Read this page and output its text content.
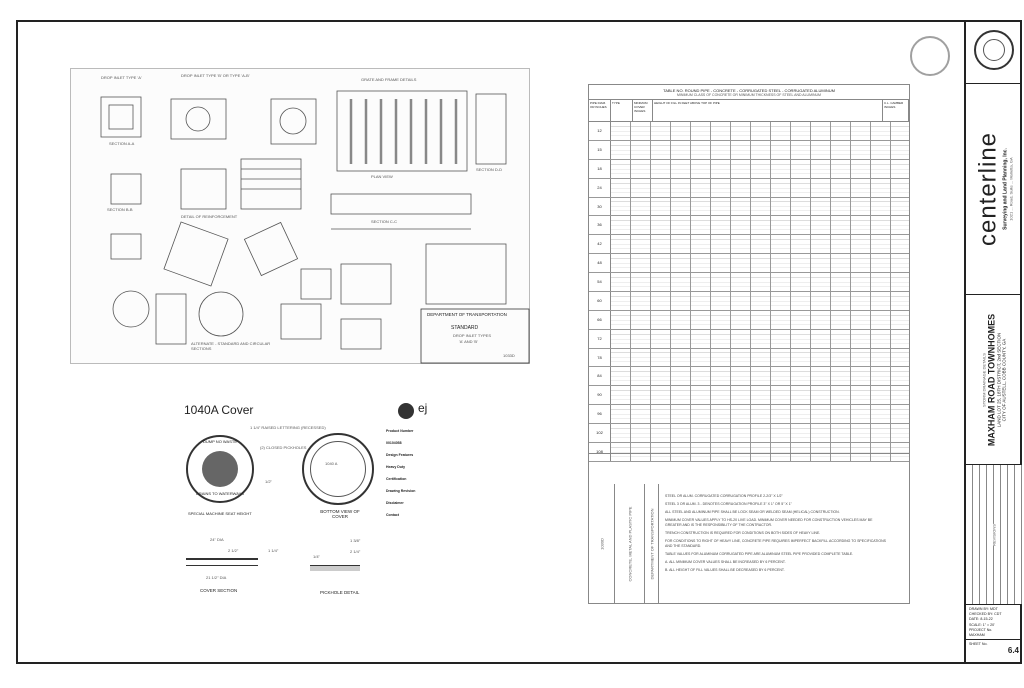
centerline Surveying and Land Planning, Inc. 1021 ... Road, Suite ... Marietta, GA
STORM DRAINAGE DETAILS MAXHAM ROAD TOWNHOMES LAND LOT 25, 18TH DISTRICT, 2nd SECTION CITY OF AUSTELL, COBB COUNTY, GA
REVISIONS
DRAWN BY: MDT
CHECKED BY: CDT
DATE: 8-15-22
SCALE: 1" = 20'
PROJECT No.
MAXHAM
SHEET No.
6.4
DROP INLET TYPE 'A'	DROP INLET TYPE 'B' OR TYPE 'A-B'
GRATE AND FRAME DETAILS
SECTION A-A
SECTION B-B
SECTION C-C
SECTION D-D
PLAN VIEW
DETAIL OF REINFORCEMENT
ALTERNATE - STANDARD AND CIRCULAR SECTIONS
DEPARTMENT OF TRANSPORTATION
STANDARD
DROP INLET TYPES
'A' AND 'B'
1033D
1040A Cover	ej
DUMP NO WASTE
DRAINS TO WATERWAYS
1 1/4" RAISED LETTERING (RECESSED)
(2) CLOSED PICKHOLES
1/2"
SPECIAL MACHINE SEAT HEIGHT
1040 A
BOTTOM VIEW OF COVER
24" DIA
2 1/2"	1 1/4"
21 1/2" DIA
COVER SECTION
1 3/8"
2 1/4"
1/4"
PICKHOLE DETAIL
Product Number
00104058
Design Features
Heavy Duty
Certification
Drawing Revision
Disclaimer
Contact
TABLE NO. ROUND PIPE - CONCRETE - CORRUGATED STEEL - CORRUGATED ALUMINUM
MINIMUM CLASS OF CONCRETE OR MINIMUM THICKNESS OF STEEL AND ALUMINUM
PIPE DIAM. OR INCHES
TYPE	MINIMUM COVER INCHES
HEIGHT OF FILL IN FEET ABOVE TOP OF PIPE	C.L. CAMBER INCHES
12
15
18
24
30
36
42
48
54
60
66
72
78
84
90
96
102
108
1030D	CONCRETE, METAL AND PLASTIC PIPE	DEPARTMENT OF TRANSPORTATION
STEEL OR ALUM. CORRUGATED CORRUGATION PROFILE 2-2/3" X 1/2"
STEEL 3 OR ALUM. 3 - DENOTES CORRUGATION PROFILE 3" X 1" OR 5" X 1"
ALL STEEL AND ALUMINUM PIPE SHALL BE LOCK SEAM OR WELDED SEAM (HELICAL) CONSTRUCTION.
MINIMUM COVER VALUES APPLY TO HS-20 LIVE LOAD. MINIMUM COVER NEEDED FOR CONSTRUCTION VEHICLES MAY BE GREATER AND IS THE RESPONSIBILITY OF THE CONTRACTOR.
TRENCH CONSTRUCTION IS REQUIRED FOR CONDITIONS ON BOTH SIDES OF HEAVY LINE.
FOR CONDITIONS TO RIGHT OF HEAVY LINE, CONCRETE PIPE REQUIRES IMPERFECT BACKFILL ACCORDING TO SPECIFICATIONS AND THE STANDARD.
TABLE VALUES FOR ALUMINUM CORRUGATED PIPE ARE ALUMINUM STEEL PIPE PROVIDED COMPLETE TABLE.
A. ALL MINIMUM COVER VALUES SHALL BE INCREASED BY 6 PERCENT.
B. ALL HEIGHT OF FILL VALUES SHALL BE DECREASED BY 6 PERCENT.
